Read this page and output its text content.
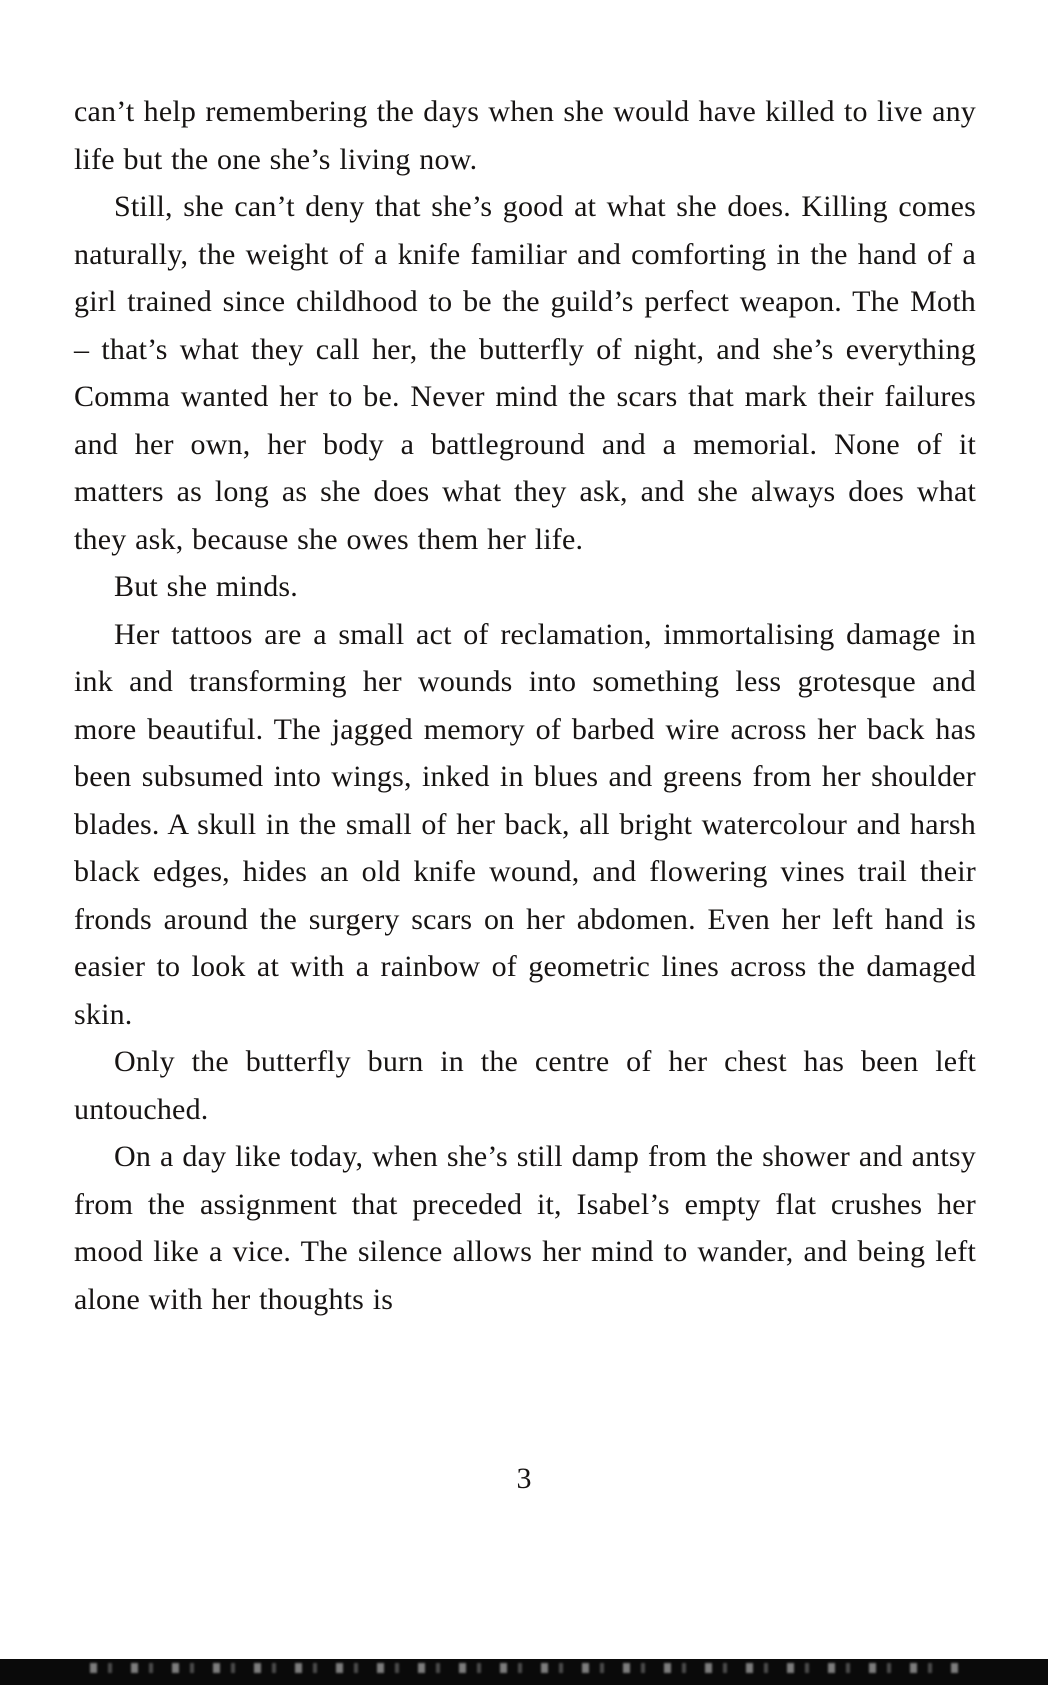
can’t help remembering the days when she would have killed to live any life but the one she’s living now.

Still, she can’t deny that she’s good at what she does. Killing comes naturally, the weight of a knife familiar and comforting in the hand of a girl trained since childhood to be the guild’s perfect weapon. The Moth – that’s what they call her, the butterfly of night, and she’s everything Comma wanted her to be. Never mind the scars that mark their failures and her own, her body a battleground and a memorial. None of it matters as long as she does what they ask, and she always does what they ask, because she owes them her life.

But she minds.

Her tattoos are a small act of reclamation, immortalising damage in ink and transforming her wounds into something less grotesque and more beautiful. The jagged memory of barbed wire across her back has been subsumed into wings, inked in blues and greens from her shoulder blades. A skull in the small of her back, all bright watercolour and harsh black edges, hides an old knife wound, and flowering vines trail their fronds around the surgery scars on her abdomen. Even her left hand is easier to look at with a rainbow of geometric lines across the damaged skin.

Only the butterfly burn in the centre of her chest has been left untouched.

On a day like today, when she’s still damp from the shower and antsy from the assignment that preceded it, Isabel’s empty flat crushes her mood like a vice. The silence allows her mind to wander, and being left alone with her thoughts is

3
